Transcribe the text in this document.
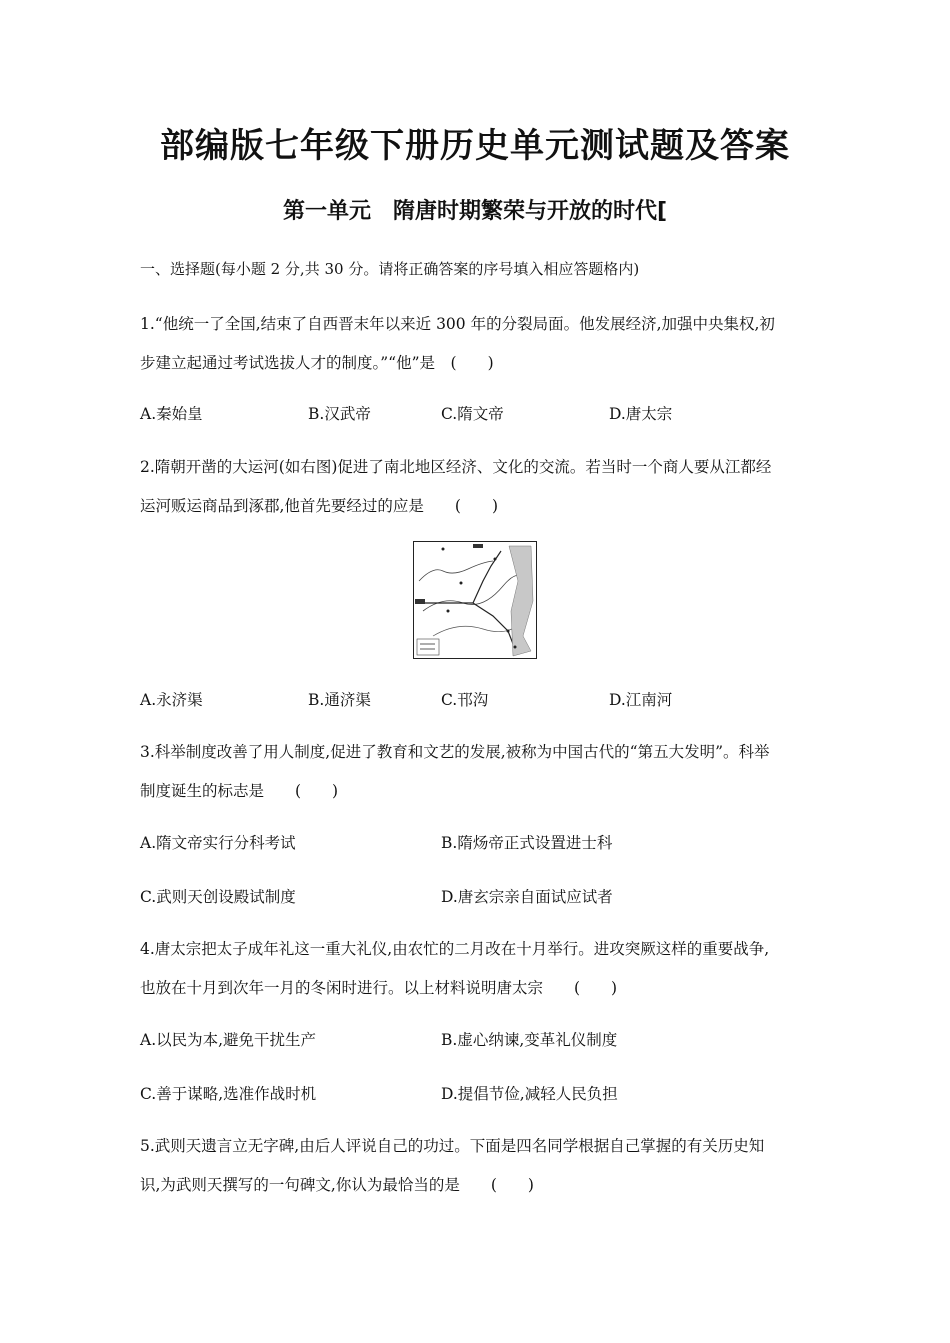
部编版七年级下册历史单元测试题及答案
第一单元　隋唐时期繁荣与开放的时代[
一、选择题(每小题 2 分,共 30 分。请将正确答案的序号填入相应答题格内)
1.“他统一了全国,结束了自西晋末年以来近 300 年的分裂局面。他发展经济,加强中央集权,初
步建立起通过考试选拔人才的制度。”“他”是　(　　)
A.秦始皇	B.汉武帝	C.隋文帝	D.唐太宗
2.隋朝开凿的大运河(如右图)促进了南北地区经济、文化的交流。若当时一个商人要从江都经
运河贩运商品到涿郡,他首先要经过的应是　　(　　)
A.永济渠	B.通济渠	C.邗沟	D.江南河
3.科举制度改善了用人制度,促进了教育和文艺的发展,被称为中国古代的“第五大发明”。科举
制度诞生的标志是　　(　　)
A.隋文帝实行分科考试	B.隋炀帝正式设置进士科
C.武则天创设殿试制度	D.唐玄宗亲自面试应试者
4.唐太宗把太子成年礼这一重大礼仪,由农忙的二月改在十月举行。进攻突厥这样的重要战争,
也放在十月到次年一月的冬闲时进行。以上材料说明唐太宗　　(　　)
A.以民为本,避免干扰生产	B.虚心纳谏,变革礼仪制度
C.善于谋略,选准作战时机	D.提倡节俭,减轻人民负担
5.武则天遗言立无字碑,由后人评说自己的功过。下面是四名同学根据自己掌握的有关历史知
识,为武则天撰写的一句碑文,你认为最恰当的是　　(　　)
